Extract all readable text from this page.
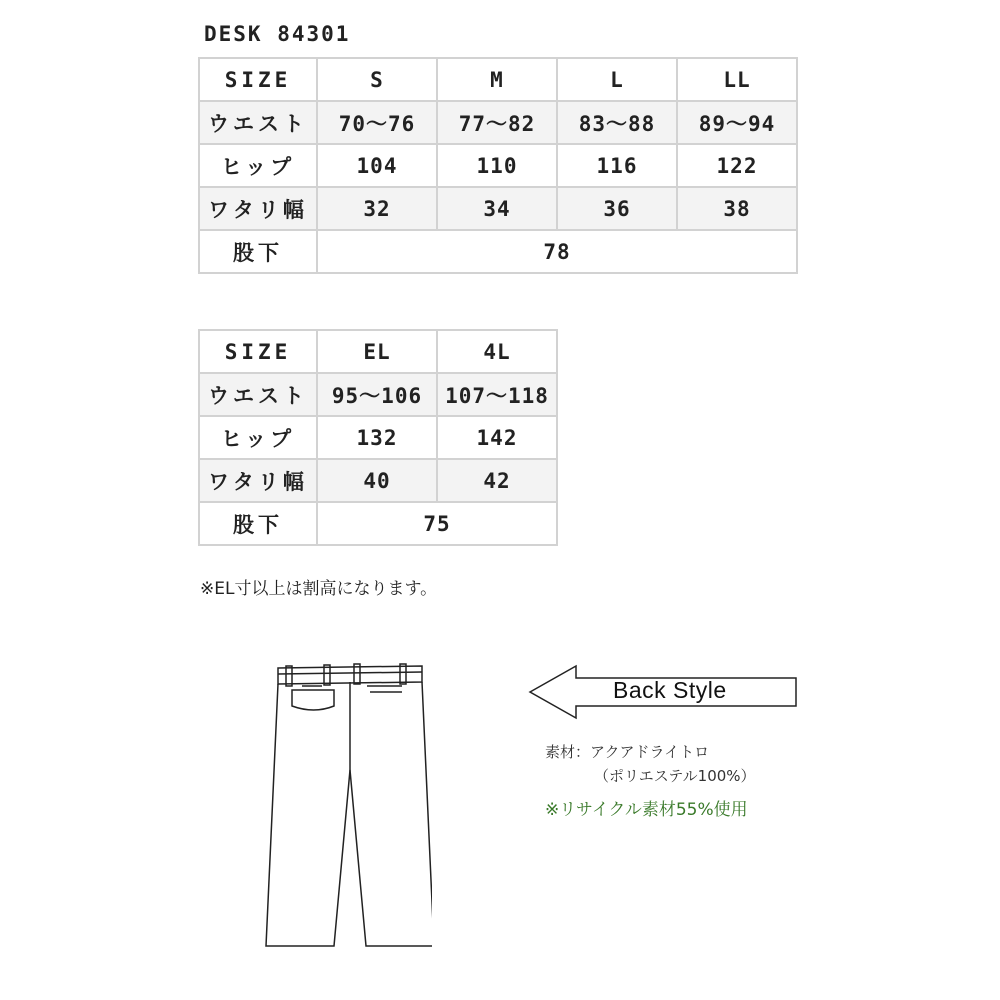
DESK 84301
SIZE	S	M	L	LL
ウエスト	70～76	77～82	83～88	89～94
ヒップ	104	110	116	122
ワタリ幅	32	34	36	38
股下	78			
SIZE	EL	4L
ウエスト	95～106	107～118
ヒップ	132	142
ワタリ幅	40	42
股下	75	
※EL寸以上は割高になります。
Back Style
素材：アクアドライトロ
（ポリエステル100%）
※リサイクル素材55%使用
